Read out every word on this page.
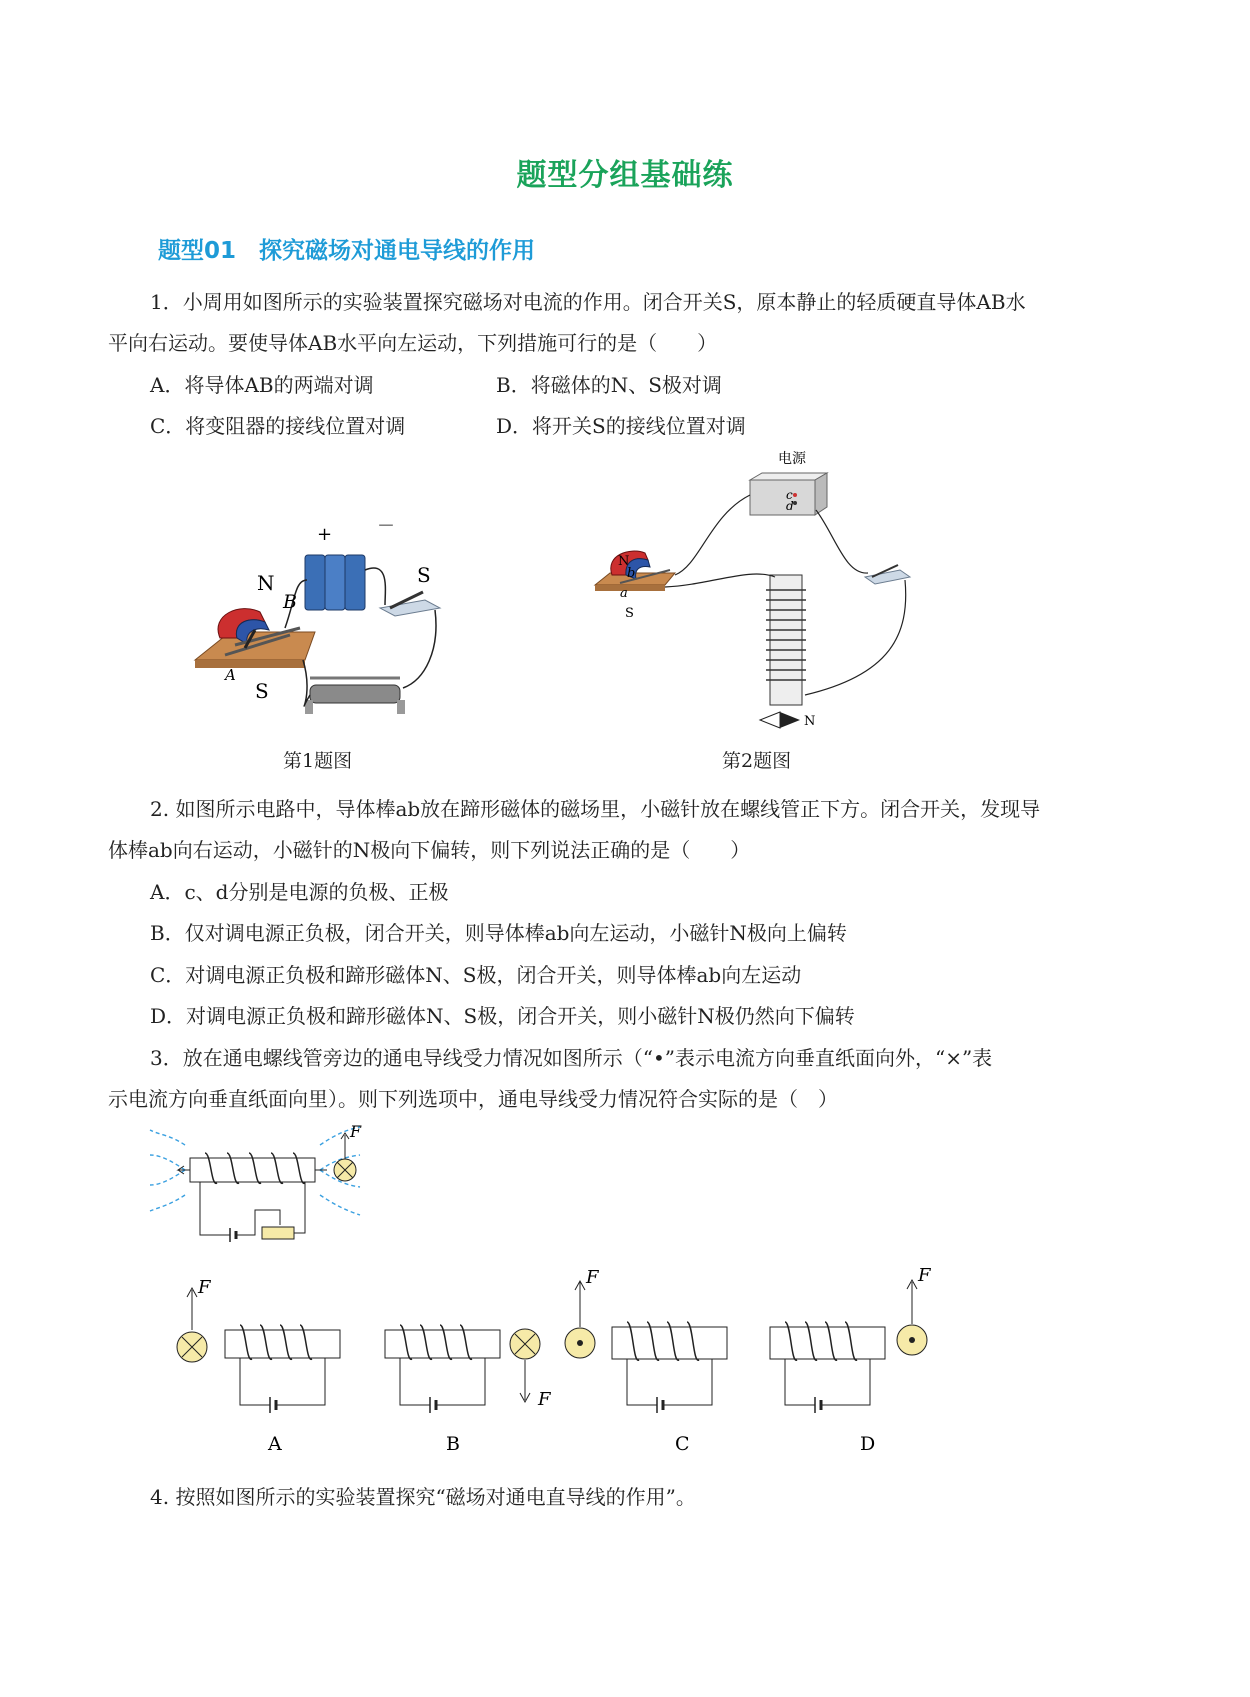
题型分组基础练
题型01　 探究磁场对通电导线的作用
1．小周用如图所示的实验装置探究磁场对电流的作用。闭合开关S，原本静止的轻质硬直导体AB水
平向右运动。要使导体AB水平向左运动，下列措施可行的是（　　）
A．将导体AB的两端对调	B．将磁体的N、S极对调
C．将变阻器的接线位置对调	D．将开关S的接线位置对调
N
B
A
S
+ －
S
第1题图
电源
c
d
N
b
a
S
N
第2题图
2. 如图所示电路中，导体棒ab放在蹄形磁体的磁场里，小磁针放在螺线管正下方。闭合开关，发现导
体棒ab向右运动，小磁针的N极向下偏转，则下列说法正确的是（　　）
A．c、d分别是电源的负极、正极
B．仅对调电源正负极，闭合开关，则导体棒ab向左运动，小磁针N极向上偏转
C．对调电源正负极和蹄形磁体N、S极，闭合开关，则导体棒ab向左运动
D．对调电源正负极和蹄形磁体N、S极，闭合开关，则小磁针N极仍然向下偏转
3．放在通电螺线管旁边的通电导线受力情况如图所示（“•”表示电流方向垂直纸面向外，“×”表
示电流方向垂直纸面向里）。则下列选项中，通电导线受力情况符合实际的是（　）
F
F
F
F	F
A	B	C	D
4. 按照如图所示的实验装置探究“磁场对通电直导线的作用”。
